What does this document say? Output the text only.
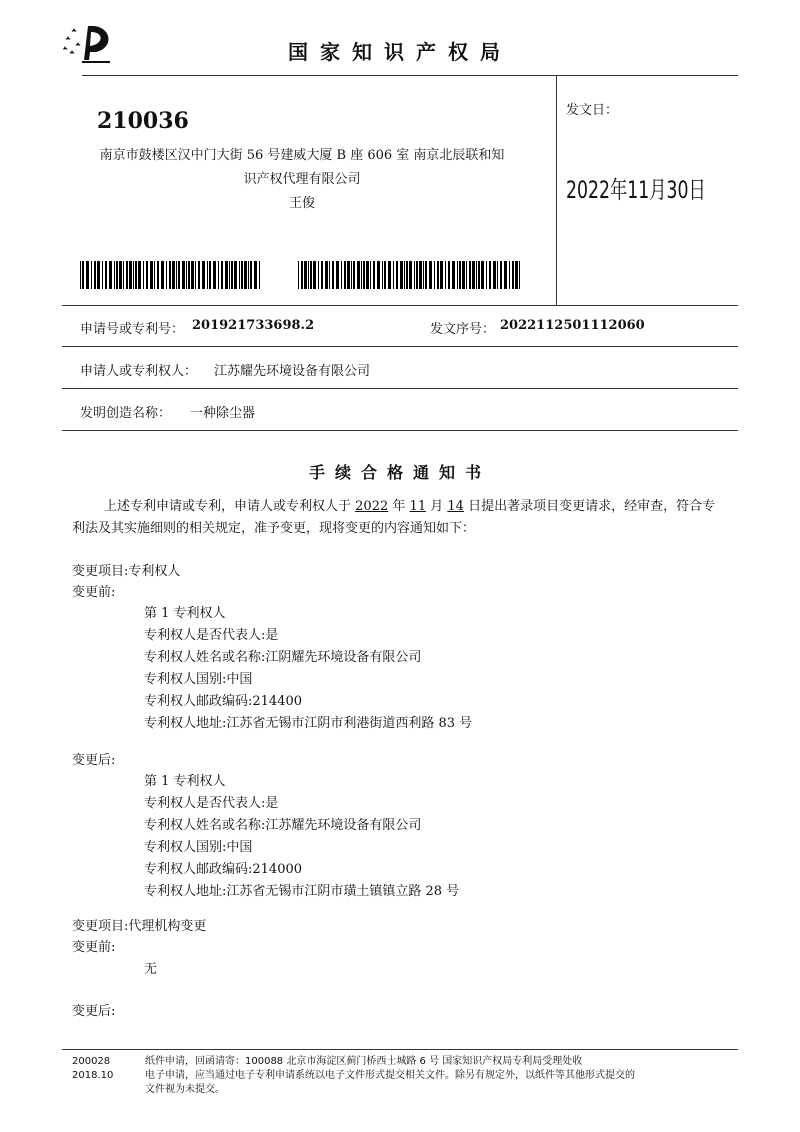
国家知识产权局
210036
南京市鼓楼区汉中门大街 56 号建威大厦 B 座 606 室 南京北辰联和知
识产权代理有限公司
王俊
发文日：
2022年11月30日
申请号或专利号： 201921733698.2	发文序号： 2022112501112060
申请人或专利权人： 江苏耀先环境设备有限公司
发明创造名称： 一种除尘器
手续合格通知书
上述专利申请或专利，申请人或专利权人于 2022 年 11 月 14 日提出著录项目变更请求，经审查，符合专
利法及其实施细则的相关规定，准予变更，现将变更的内容通知如下：
变更项目:专利权人
变更前:
第 1 专利权人
专利权人是否代表人:是
专利权人姓名或名称:江阴耀先环境设备有限公司
专利权人国别:中国
专利权人邮政编码:214400
专利权人地址:江苏省无锡市江阴市利港街道西利路 83 号
变更后:
第 1 专利权人
专利权人是否代表人:是
专利权人姓名或名称:江苏耀先环境设备有限公司
专利权人国别:中国
专利权人邮政编码:214000
专利权人地址:江苏省无锡市江阴市璜土镇镇立路 28 号
变更项目:代理机构变更
变更前:
无
变更后:
200028
2018.10
纸件申请，回函请寄：100088 北京市海淀区蓟门桥西土城路 6 号 国家知识产权局专利局受理处收
电子申请，应当通过电子专利申请系统以电子文件形式提交相关文件。除另有规定外，以纸件等其他形式提交的
文件视为未提交。
